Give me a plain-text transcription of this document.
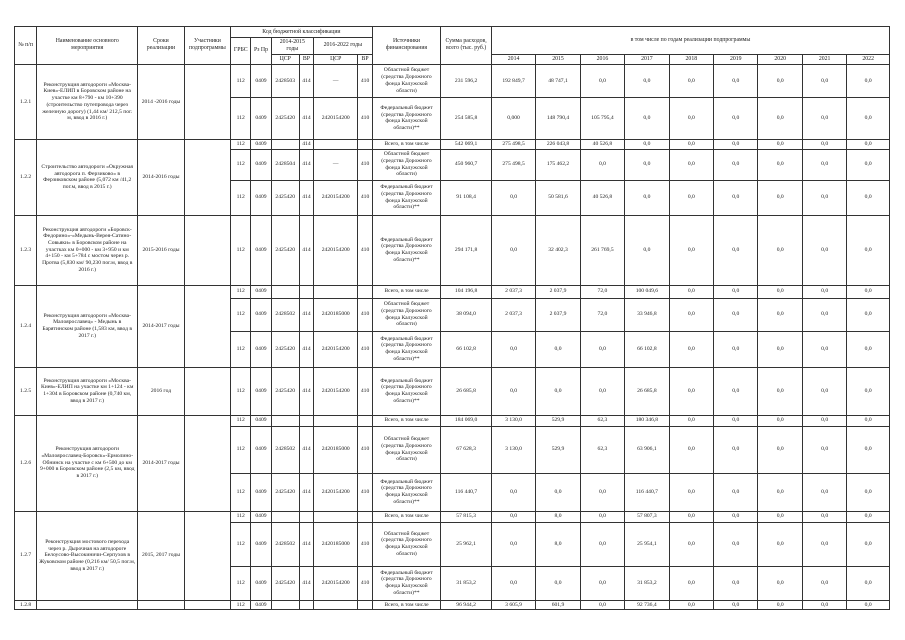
№ п/п	Наименование основного мероприятия	Сроки реализации	Участники подпрограммы	Код бюджетной классификации						Источники финансирования	Сумма расходов, всего (тыс. руб.)	в том числе по годам реализации подпрограммы								
				ГРБС	Рз Пр	2014-2015 годы		2016-2022 годы												
						ЦСР	ВР	ЦСР	ВР			2014	2015	2016	2017	2018	2019	2020	2021	2022
1.2.1	Реконструкция автодороги «Москва-Киев»-ЕЛИП в Боровском районе на участке км 8+790 - км 10+390 (строительство путепровода через железную дорогу) (1,44 км/ 212,5 пог. м, ввод в 2016 г.)	2014 -2016 годы		112	0409	2428503	414	—	410	Областной бюджет (средства Дорожного фонда Калужской области)	231 596,2	192 849,7	48 747,1	0,0	0,0	0,0	0,0	0,0	0,0	0,0
				112	0409	2425420	414	2420154200	410	Федеральный бюджет (средства Дорожного фонда Калужской области)**	254 585,8	0,000	148 790,4	105 795,4	0,0	0,0	0,0	0,0	0,0	0,0
1.2.2	Строительство автодороги «Окружная автодорога п. Ферзиково» в Ферзиковском районе (5,072 км /41,2 пог.м, ввод в 2015 г.)	2014-2016 годы		112	0409		414			Всего, в том числе	542 069,1	275 498,5	226 043,8	40 526,8	0,0	0,0	0,0	0,0	0,0	0,0
				112	0409	2428504	414	—	410	Областной бюджет (средства Дорожного фонда Калужской области)	450 960,7	275 498,5	175 462,2	0,0	0,0	0,0	0,0	0,0	0,0	0,0
				112	0409	2425420	414	2420154200	410	Федеральный бюджет (средства Дорожного фонда Калужской области)**	91 108,4	0,0	50 581,6	40 526,8	0,0	0,0	0,0	0,0	0,0	0,0
1.2.3	Реконструкция автодороги «Боровск-Федорино»-«Медынь-Верея-Сатино-Совьяки» в Боровском районе на участках км 0+000 - км 3+950 и км 4+150 - км 5+784 с мостом через р. Протва (5,830 км/ 90,230 пог.м, ввод в 2016 г.)	2015-2016 годы		112	0409	2425420	414	2420154200	410	Федеральный бюджет (средства Дорожного фонда Калужской области)**	294 171,8	0,0	32 402,3	261 769,5	0,0	0,0	0,0	0,0	0,0	0,0
1.2.4	Реконструкция автодороги «Москва-Малоярославец» - Медынь в Барятинском районе (1,583 км, ввод в 2017 г.)	2014-2017 годы		112	0409					Всего, в том числе	104 196,8	2 037,3	2 037,9	72,0	100 049,6	0,0	0,0	0,0	0,0	0,0
				112	0409	2428502	414	2420185000	410	Областной бюджет (средства Дорожного фонда Калужской области)	38 094,0	2 037,3	2 037,9	72,0	33 946,8	0,0	0,0	0,0	0,0	0,0
				112	0409	2425420	414	2420154200	410	Федеральный бюджет (средства Дорожного фонда Калужской области)**	66 102,8	0,0	0,0	0,0	66 102,8	0,0	0,0	0,0	0,0	0,0
1.2.5	Реконструкция автодороги «Москва-Киев»-ЕЛИП на участке км 1+124 - км 1+304 в Боровском районе (0,740 км, ввод в 2017 г.)	2016 год		112	0409	2425420	414	2420154200	410	Федеральный бюджет (средства Дорожного фонда Калужской области)**	26 685,8	0,0	0,0	0,0	26 685,8	0,0	0,0	0,0	0,0	0,0
1.2.6	Реконструкция автодороги «Малоярославец-Боровск»-Ермолино-Обнинск на участке с км 6+500 до км 9+000 в Боровском районе (2,5 км, ввод в 2017 г.)	2014-2017 годы		112	0409					Всего, в том числе	184 069,0	3 130,0	529,9	62,3	180 346,8	0,0	0,0	0,0	0,0	0,0
				112	0409	2428502	414	2420185000	410	Областной бюджет (средства Дорожного фонда Калужской области)	67 628,3	3 130,0	529,9	62,3	63 906,1	0,0	0,0	0,0	0,0	0,0
				112	0409	2425420	414	2420154200	410	Федеральный бюджет (средства Дорожного фонда Калужской области)**	116 440,7	0,0	0,0	0,0	116 440,7	0,0	0,0	0,0	0,0	0,0
1.2.7	Реконструкция мостового перехода через р. Дырочная на автодороге Белоусово-Высокиничи-Серпухов в Жуковском районе (0,216 км/ 50,5 пог.м, ввод в 2017 г.)	2015, 2017 годы		112	0409					Всего, в том числе	57 815,3	0,0	8,0	0,0	57 807,3	0,0	0,0	0,0	0,0	0,0
				112	0409	2428502	414	2420185000	410	Областной бюджет (средства Дорожного фонда Калужской области)	25 962,1	0,0	8,0	0,0	25 954,1	0,0	0,0	0,0	0,0	0,0
				112	0409	2425420	414	2420154200	410	Федеральный бюджет (средства Дорожного фонда Калужской области)**	31 853,2	0,0	0,0	0,0	31 853,2	0,0	0,0	0,0	0,0	0,0
1.2.8				112	0409					Всего, в том числе	96 944,2	3 605,9	601,9	0,0	92 736,4	0,0	0,0	0,0	0,0	0,0
